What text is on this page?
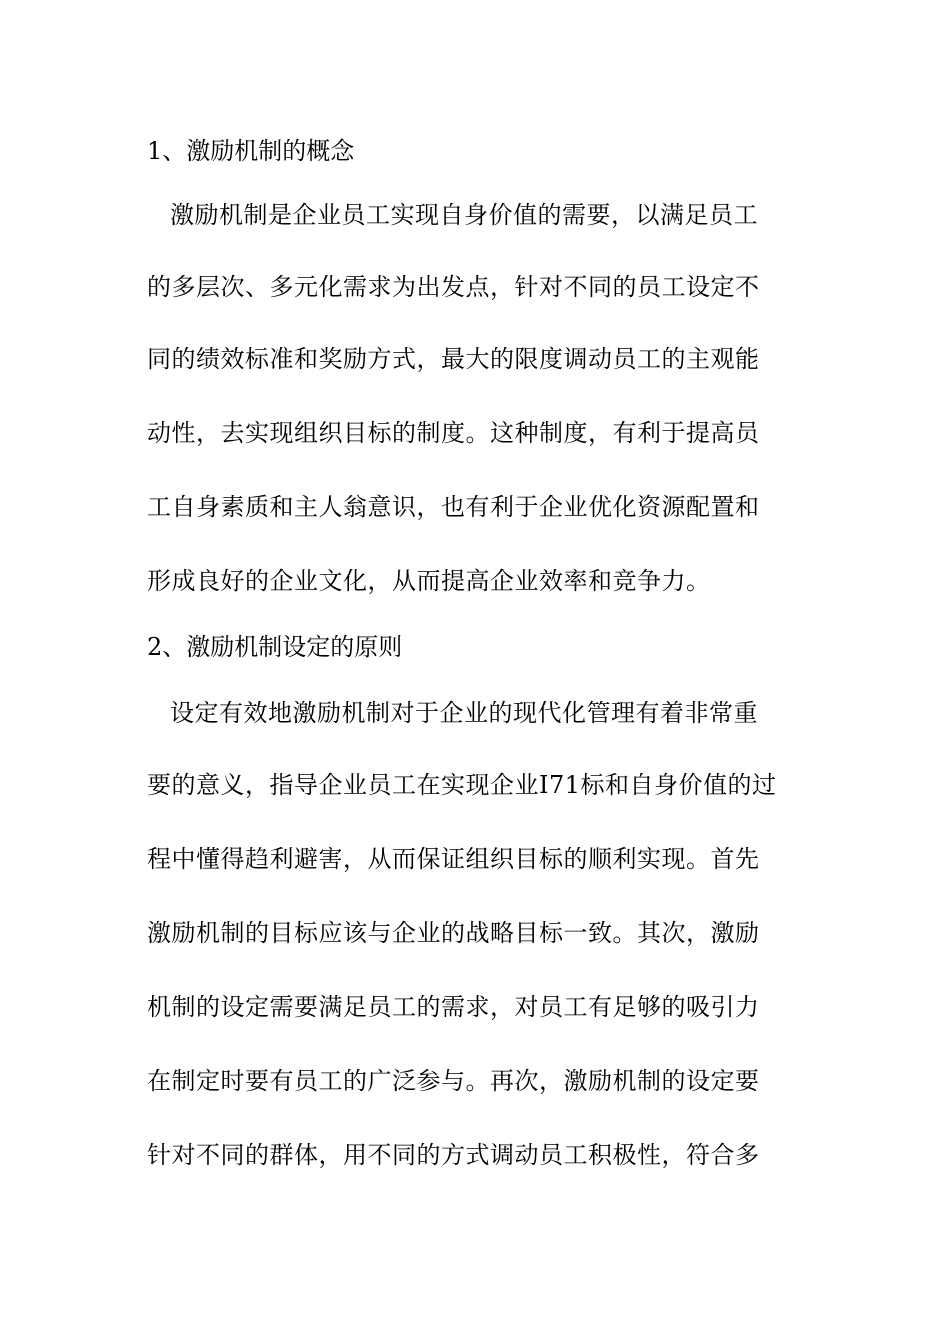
1、激励机制的概念
激励机制是企业员工实现自身价值的需要，以满足员工
的多层次、多元化需求为出发点，针对不同的员工设定不
同的绩效标准和奖励方式，最大的限度调动员工的主观能
动性，去实现组织目标的制度。这种制度，有利于提高员
工自身素质和主人翁意识，也有利于企业优化资源配置和
形成良好的企业文化，从而提高企业效率和竞争力。
2、激励机制设定的原则
设定有效地激励机制对于企业的现代化管理有着非常重
要的意义，指导企业员工在实现企业I71标和自身价值的过
程中懂得趋利避害，从而保证组织目标的顺利实现。首先
激励机制的目标应该与企业的战略目标一致。其次，激励
机制的设定需要满足员工的需求，对员工有足够的吸引力
在制定时要有员工的广泛参与。再次，激励机制的设定要
针对不同的群体，用不同的方式调动员工积极性，符合多
